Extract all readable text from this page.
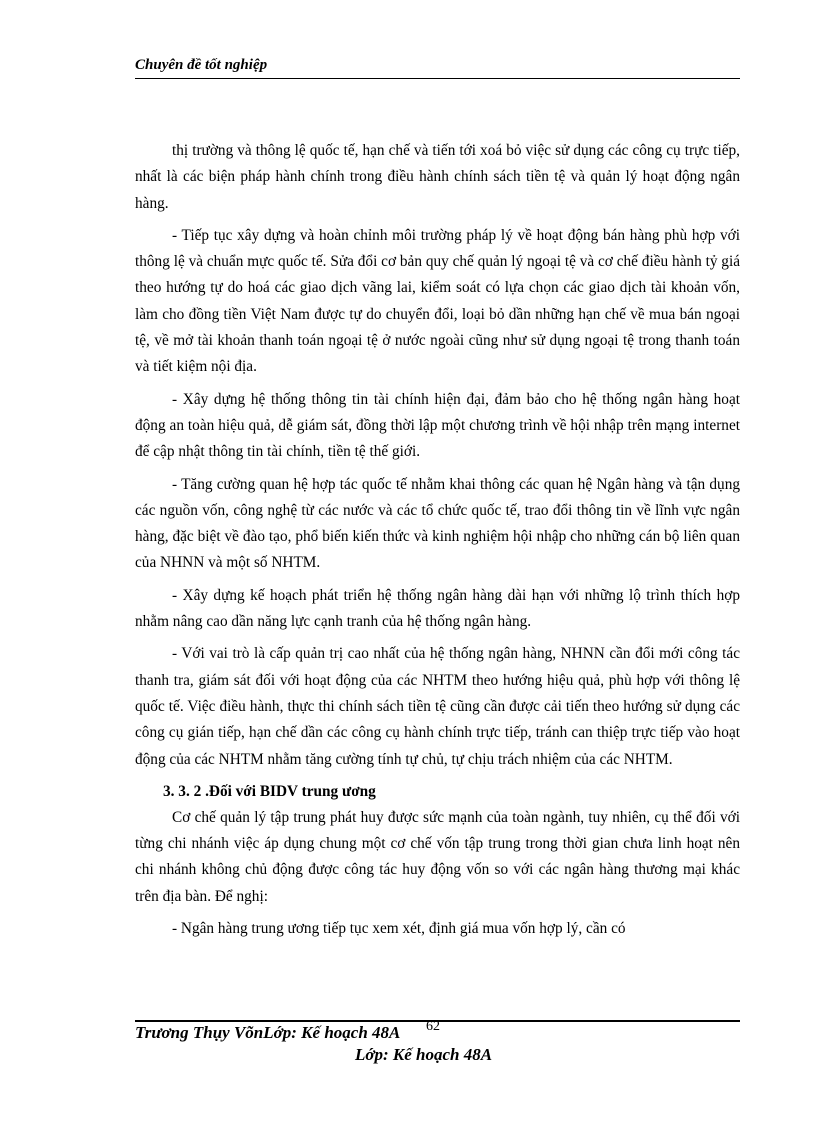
Chuyên đề tốt nghiệp

thị trường và thông lệ quốc tế, hạn chế và tiến tới xoá bỏ việc sử dụng các công cụ trực tiếp, nhất là các biện pháp hành chính trong điều hành chính sách tiền tệ và quản lý hoạt động ngân hàng.

- Tiếp tục xây dựng và hoàn chỉnh môi trường pháp lý về hoạt động bán hàng phù hợp với thông lệ và chuẩn mực quốc tế. Sửa đổi cơ bản quy chế quản lý ngoại tệ và cơ chế điều hành tỷ giá theo hướng tự do hoá các giao dịch vãng lai, kiểm soát có lựa chọn các giao dịch tài khoản vốn, làm cho đồng tiền Việt Nam được tự do chuyển đổi, loại bỏ dần những hạn chế về mua bán ngoại tệ, về mở tài khoản thanh toán ngoại tệ ở nước ngoài cũng như sử dụng ngoại tệ trong thanh toán và tiết kiệm nội địa.

- Xây dựng hệ thống thông tin tài chính hiện đại, đảm bảo cho hệ thống ngân hàng hoạt động an toàn hiệu quả, dễ giám sát, đồng thời lập một chương trình về hội nhập trên mạng internet để cập nhật thông tin tài chính, tiền tệ thế giới.

- Tăng cường quan hệ hợp tác quốc tế nhằm khai thông các quan hệ Ngân hàng và tận dụng các nguồn vốn, công nghệ từ các nước và các tổ chức quốc tế, trao đổi thông tin về lĩnh vực ngân hàng, đặc biệt về đào tạo, phổ biến kiến thức và kinh nghiệm hội nhập cho những cán bộ liên quan của NHNN và một số NHTM.

- Xây dựng kế hoạch phát triển hệ thống ngân hàng dài hạn với những lộ trình thích hợp nhằm nâng cao dần năng lực cạnh tranh của hệ thống ngân hàng.

- Với vai trò là cấp quản trị cao nhất của hệ thống ngân hàng, NHNN cần đổi mới công tác thanh tra, giám sát đối với hoạt động của các NHTM theo hướng hiệu quả, phù hợp với thông lệ quốc tế. Việc điều hành, thực thi chính sách tiền tệ cũng cần được cải tiến theo hướng sử dụng các công cụ gián tiếp, hạn chế dần các công cụ hành chính trực tiếp, tránh can thiệp trực tiếp vào hoạt động của các NHTM nhằm tăng cường tính tự chủ, tự chịu trách nhiệm của các NHTM.

3. 3. 2 .Đối với BIDV trung ương

Cơ chế quản lý tập trung phát huy được sức mạnh của toàn ngành, tuy nhiên, cụ thể đối với từng chi nhánh việc áp dụng chung một cơ chế vốn tập trung trong thời gian chưa linh hoạt nên chi nhánh không chủ động được công tác huy động vốn so với các ngân hàng thương mại khác trên địa bàn. Để nghị:

- Ngân hàng trung ương tiếp tục xem xét, định giá mua vốn hợp lý, cần có

Trương Thụy VõnLớp: Kế hoạch 48A 62
Lớp: Kế hoạch 48A
